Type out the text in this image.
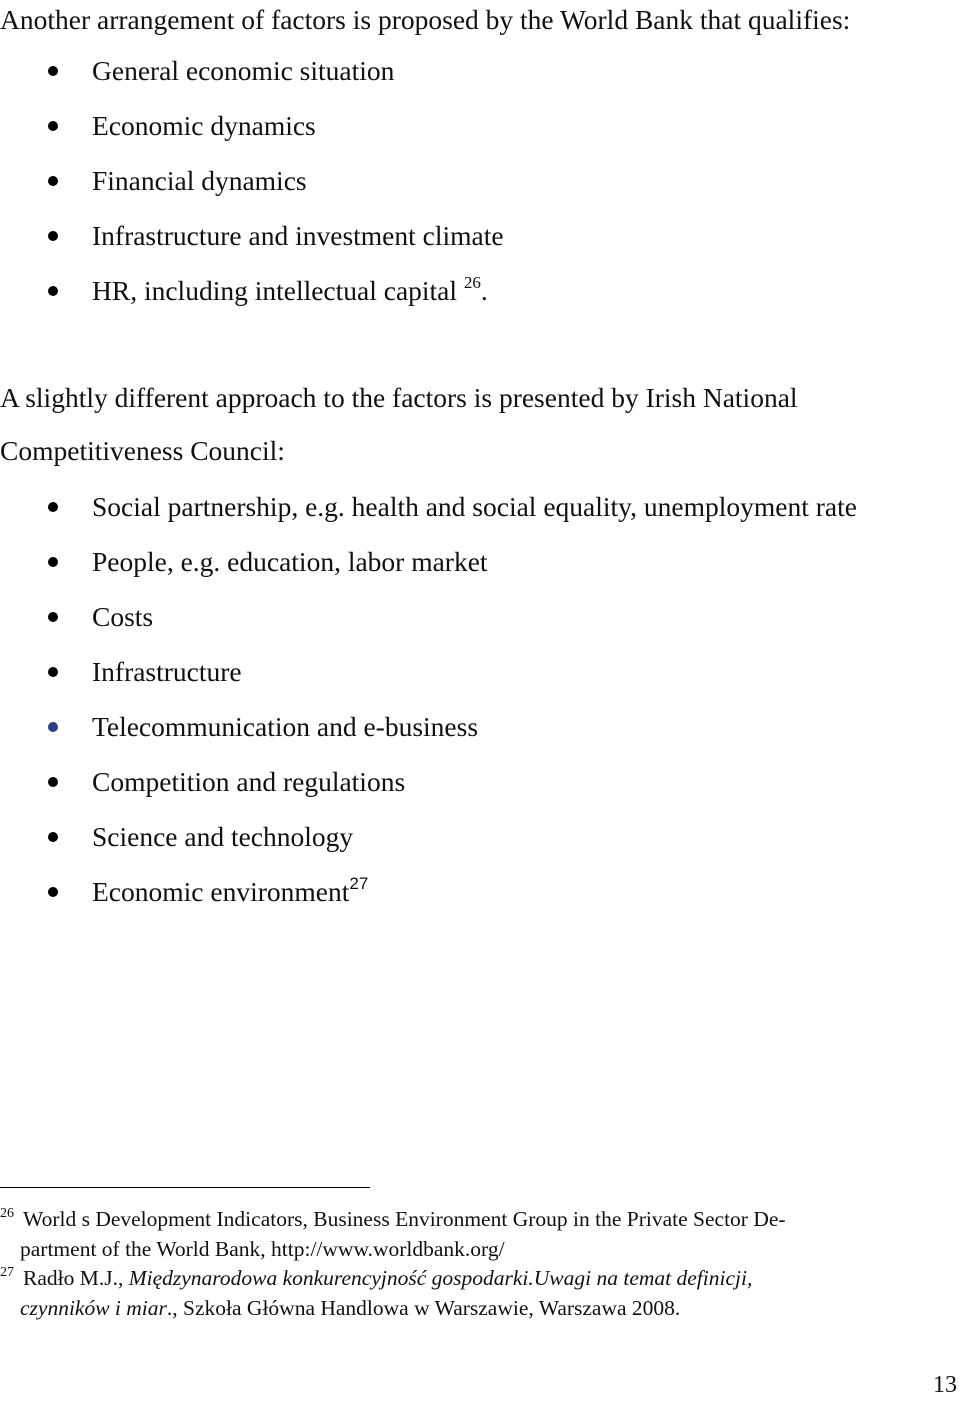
Another arrangement of factors is proposed by the World Bank that qualifies:

General economic situation
Economic dynamics
Financial dynamics
Infrastructure and investment climate
HR, including intellectual capital $^{26}$.

A slightly different approach to the factors is presented by Irish National

Competitiveness Council:

Social partnership, e.g. health and social equality, unemployment rate
People, e.g. education, labor market
Costs
Infrastructure
Telecommunication and e-business
Competition and regulations
Science and technology
Economic environment$^{27}$
26 World s Development Indicators, Business Environment Group in the Private Sector De-
partment of the World Bank, http://www.worldbank.org/
27 Radło M.J., Międzynarodowa konkurencyjność gospodarki.Uwagi na temat definicji,
czynników i miar., Szkoła Główna Handlowa w Warszawie, Warszawa 2008.
13
